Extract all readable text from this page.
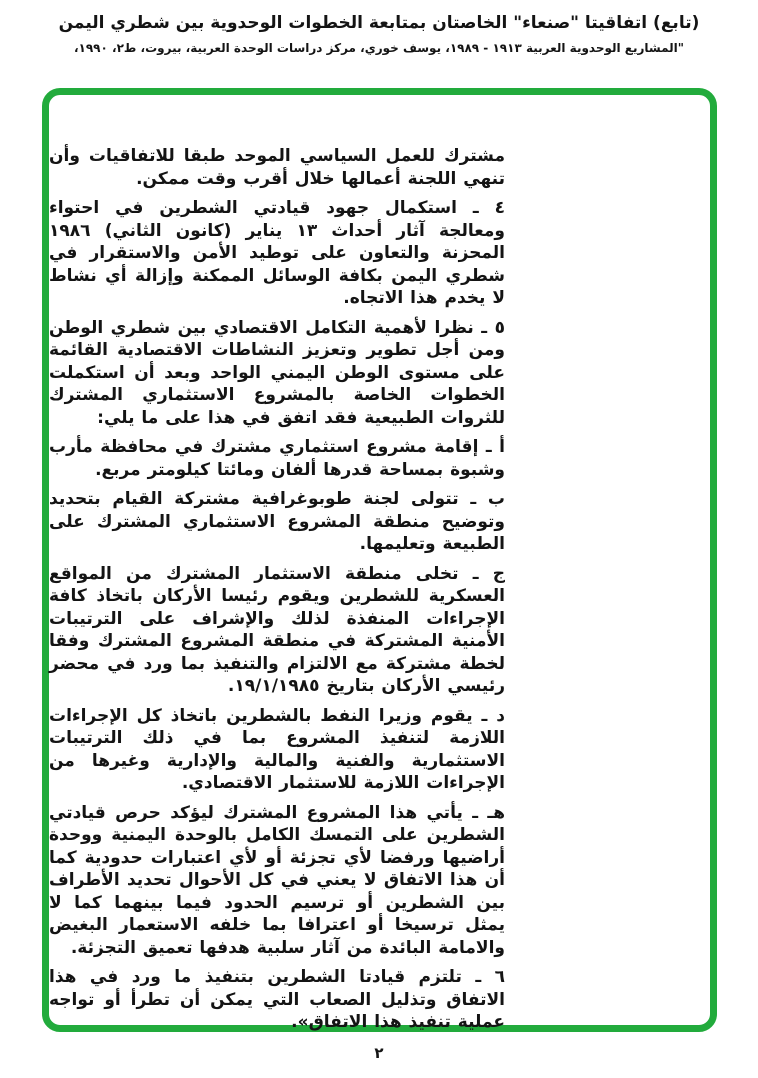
(تابع) اتفاقيتا "صنعاء" الخاصتان بمتابعة الخطوات الوحدوية بين شطري اليمن
"المشاريع الوحدوية العربية ١٩١٣ - ١٩٨٩، يوسف خوري، مركز دراسات الوحدة العربية، بيروت، ط٢، ١٩٩٠،

مشترك للعمل السياسي الموحد طبقا للاتفاقيات وأن تنهي اللجنة أعمالها خلال أقرب وقت ممكن.

٤ ـ استكمال جهود قيادتي الشطرين في احتواء ومعالجة آثار أحداث ١٣ يناير (كانون الثاني) ١٩٨٦ المحزنة والتعاون على توطيد الأمن والاستقرار في شطري اليمن بكافة الوسائل الممكنة وإزالة أي نشاط لا يخدم هذا الاتجاه.

٥ ـ نظرا لأهمية التكامل الاقتصادي بين شطري الوطن ومن أجل تطوير وتعزيز النشاطات الاقتصادية القائمة على مستوى الوطن اليمني الواحد وبعد أن استكملت الخطوات الخاصة بالمشروع الاستثماري المشترك للثروات الطبيعية فقد اتفق في هذا على ما يلي:

أ ـ إقامة مشروع استثماري مشترك في محافظة مأرب وشبوة بمساحة قدرها ألفان ومائتا كيلومتر مربع.

ب ـ تتولى لجنة طوبوغرافية مشتركة القيام بتحديد وتوضيح منطقة المشروع الاستثماري المشترك على الطبيعة وتعليمها.

ج ـ تخلى منطقة الاستثمار المشترك من المواقع العسكرية للشطرين ويقوم رئيسا الأركان باتخاذ كافة الإجراءات المنفذة لذلك والإشراف على الترتيبات الأمنية المشتركة في منطقة المشروع المشترك وفقا لخطة مشتركة مع الالتزام والتنفيذ بما ورد في محضر رئيسي الأركان بتاريخ ١٩/١/١٩٨٥.

د ـ يقوم وزيرا النفط بالشطرين باتخاذ كل الإجراءات اللازمة لتنفيذ المشروع بما في ذلك الترتيبات الاستثمارية والفنية والمالية والإدارية وغيرها من الإجراءات اللازمة للاستثمار الاقتصادي.

هـ ـ يأتي هذا المشروع المشترك ليؤكد حرص قيادتي الشطرين على التمسك الكامل بالوحدة اليمنية ووحدة أراضيها ورفضا لأي تجزئة أو لأي اعتبارات حدودية كما أن هذا الاتفاق لا يعني في كل الأحوال تحديد الأطراف بين الشطرين أو ترسيم الحدود فيما بينهما كما لا يمثل ترسيخا أو اعترافا بما خلفه الاستعمار البغيض والامامة البائدة من آثار سلبية هدفها تعميق التجزئة.

٦ ـ تلتزم قيادتا الشطرين بتنفيذ ما ورد في هذا الاتفاق وتذليل الصعاب التي يمكن أن تطرأ أو تواجه عملية تنفيذ هذا الاتفاق».

٢
